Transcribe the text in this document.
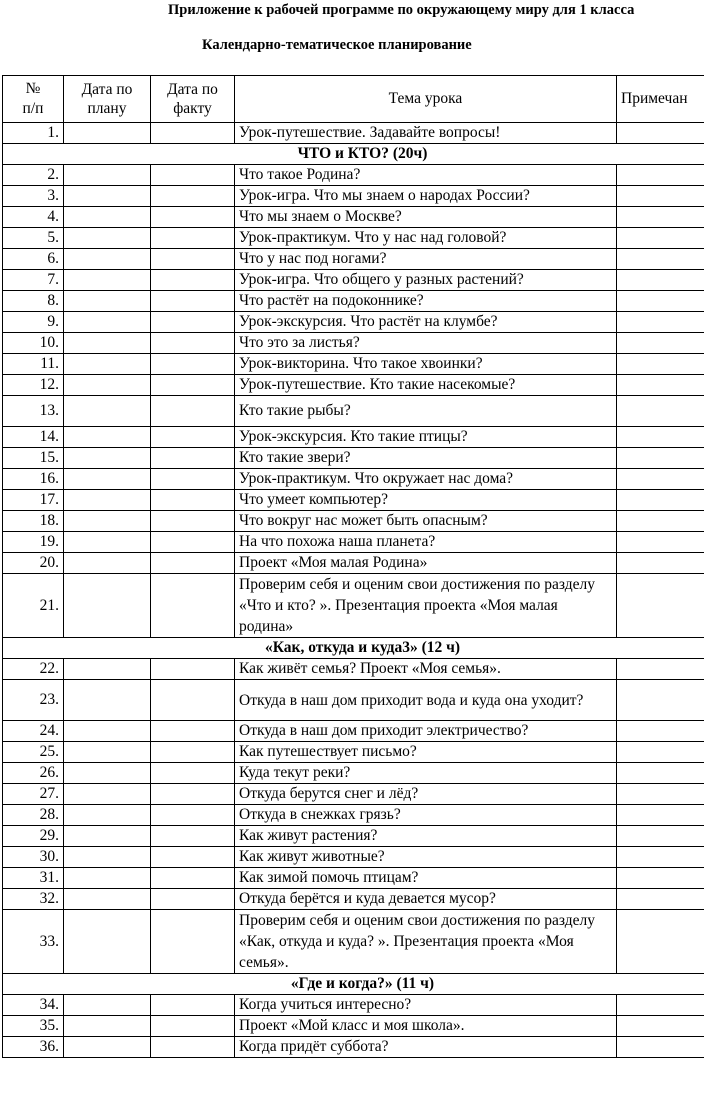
Приложение к рабочей программе по окружающему миру для 1 класса
Календарно-тематическое планирование
№
п/п	Дата по плану	Дата по факту	Тема урока	Примечан
1.			Урок-путешествие. Задавайте вопросы!	
ЧТО и КТО? (20ч)				
2.			Что такое Родина?	
3.			Урок-игра. Что мы знаем о народах России?	
4.			Что мы знаем о Москве?	
5.			Урок-практикум. Что у нас над головой?	
6.			Что у нас под ногами?	
7.			Урок-игра. Что общего у разных растений?	
8.			Что растёт на подоконнике?	
9.			Урок-экскурсия. Что растёт на клумбе?	
10.			Что это за листья?	
11.			Урок-викторина. Что такое хвоинки?	
12.			Урок-путешествие. Кто такие насекомые?	
13.			Кто такие рыбы?	
14.			Урок-экскурсия. Кто такие птицы?	
15.			Кто такие звери?	
16.			Урок-практикум. Что окружает нас дома?	
17.			Что умеет компьютер?	
18.			Что вокруг нас может быть опасным?	
19.			На что похожа наша планета?	
20.			Проект «Моя малая Родина»	
21.			Проверим себя и оценим свои достижения по разделу «Что и кто? ». Презентация проекта «Моя малая родина»	
«Как, откуда и куда3» (12 ч)				
22.			Как живёт семья? Проект «Моя семья».	
23.			Откуда в наш дом приходит вода и куда она уходит?	
24.			Откуда в наш дом приходит электричество?	
25.			Как путешествует письмо?	
26.			Куда текут реки?	
27.			Откуда берутся снег и лёд?	
28.			Откуда в снежках грязь?	
29.			Как живут растения?	
30.			Как живут животные?	
31.			Как зимой помочь птицам?	
32.			Откуда берётся и куда девается мусор?	
33.			Проверим себя и оценим свои достижения по разделу «Как, откуда и куда? ». Презентация проекта «Моя семья».	
«Где и когда?» (11 ч)				
34.			Когда учиться интересно?	
35.			Проект «Мой класс и моя школа».	
36.			Когда придёт суббота?	
